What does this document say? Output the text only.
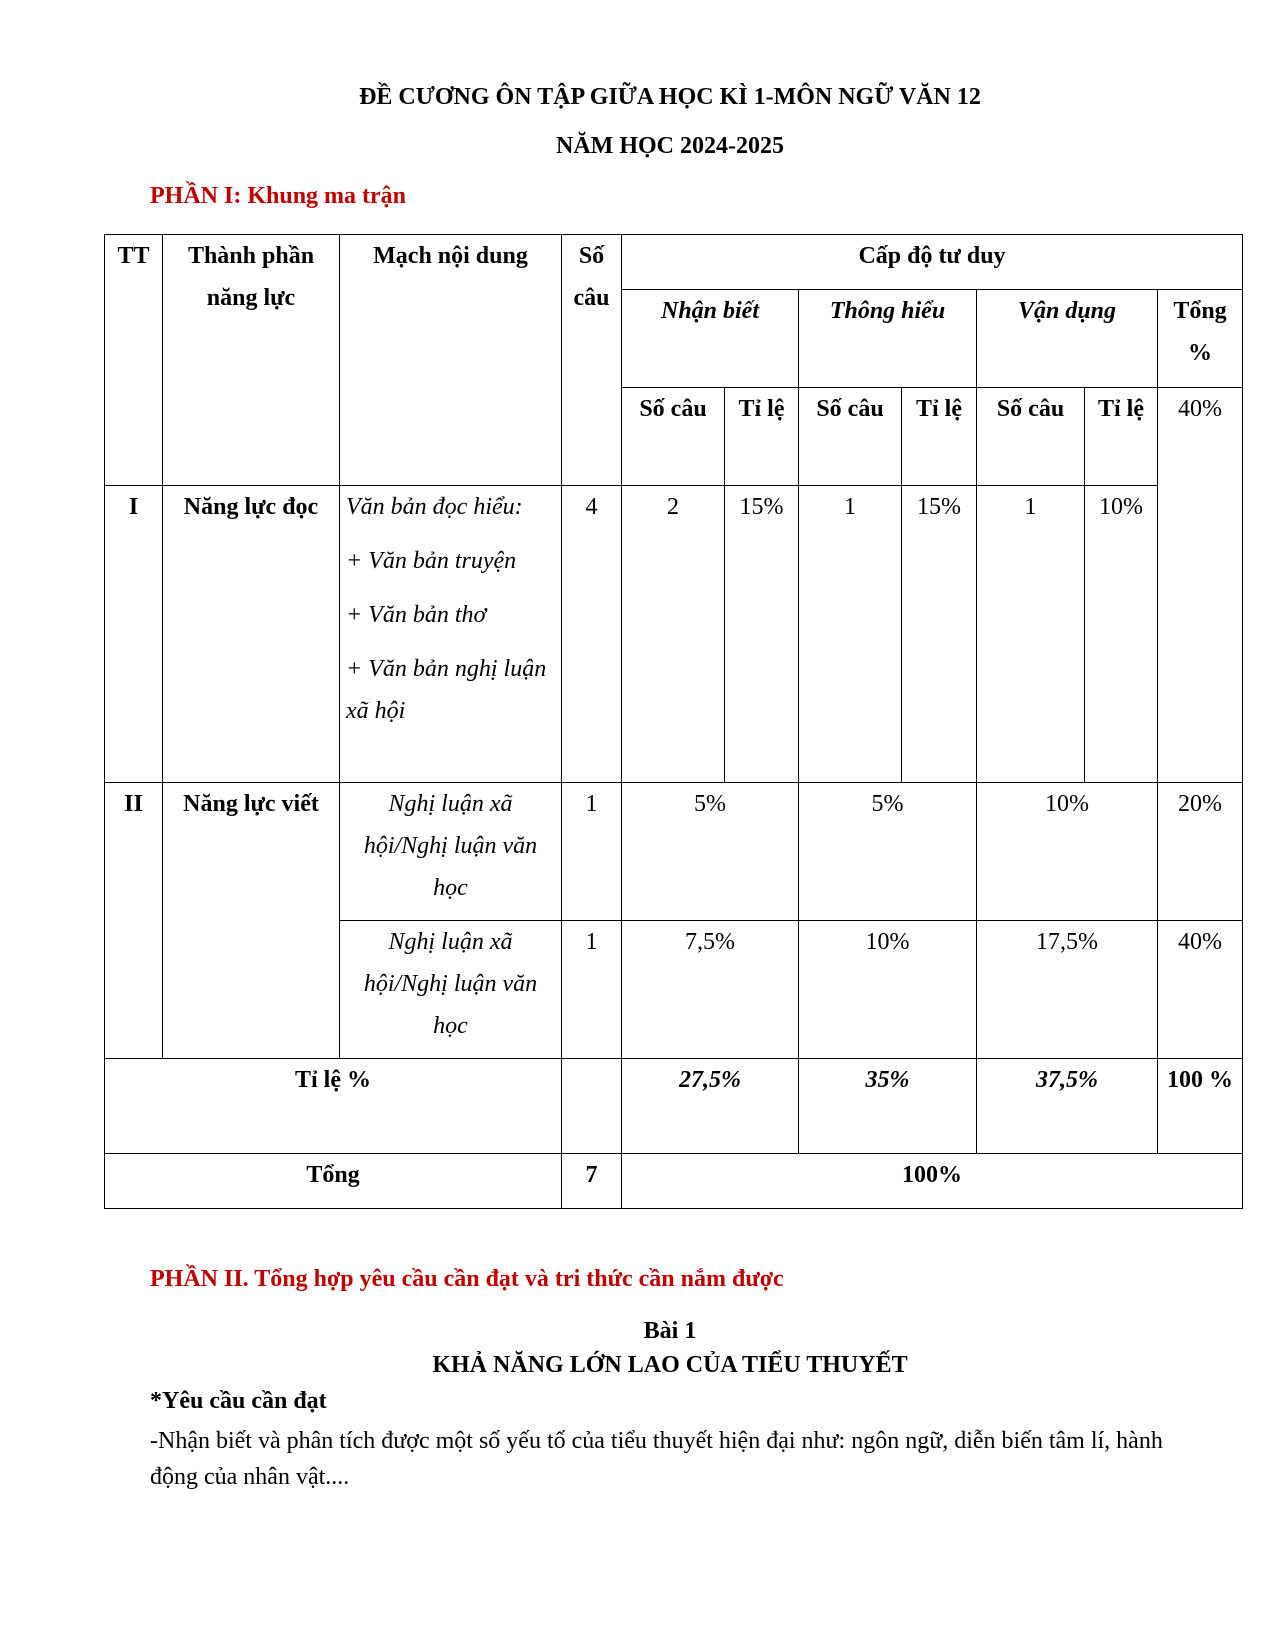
ĐỀ CƯƠNG ÔN TẬP GIỮA HỌC KÌ 1-MÔN NGỮ VĂN 12
NĂM HỌC 2024-2025
PHẦN I: Khung ma trận
TT	Thành phần năng lực	Mạch nội dung	Số câu	Cấp độ tư duy						
				Nhận biết		Thông hiểu		Vận dụng		Tổng %
				Số câu	Tỉ lệ	Số câu	Tỉ lệ	Số câu	Tỉ lệ	40%
I	Năng lực đọc	Văn bản đọc hiểu:

+ Văn bản truyện

+ Văn bản thơ

+ Văn bản nghị luận xã hội	4	2	15%	1	15%	1	10%	
II	Năng lực viết	Nghị luận xã hội/Nghị luận văn học	1	5%		5%		10%		20%
		Nghị luận xã hội/Nghị luận văn học	1	7,5%		10%		17,5%		40%
Tỉ lệ %				27,5%		35%		37,5%		100 %
Tổng			7	100%						
PHẦN II. Tổng hợp yêu cầu cần đạt và tri thức cần nắm được
Bài 1
KHẢ NĂNG LỚN LAO CỦA TIỂU THUYẾT
*Yêu cầu cần đạt
-Nhận biết và phân tích được một số yếu tố của tiểu thuyết hiện đại như: ngôn ngữ, diễn biến tâm lí, hành động của nhân vật....
